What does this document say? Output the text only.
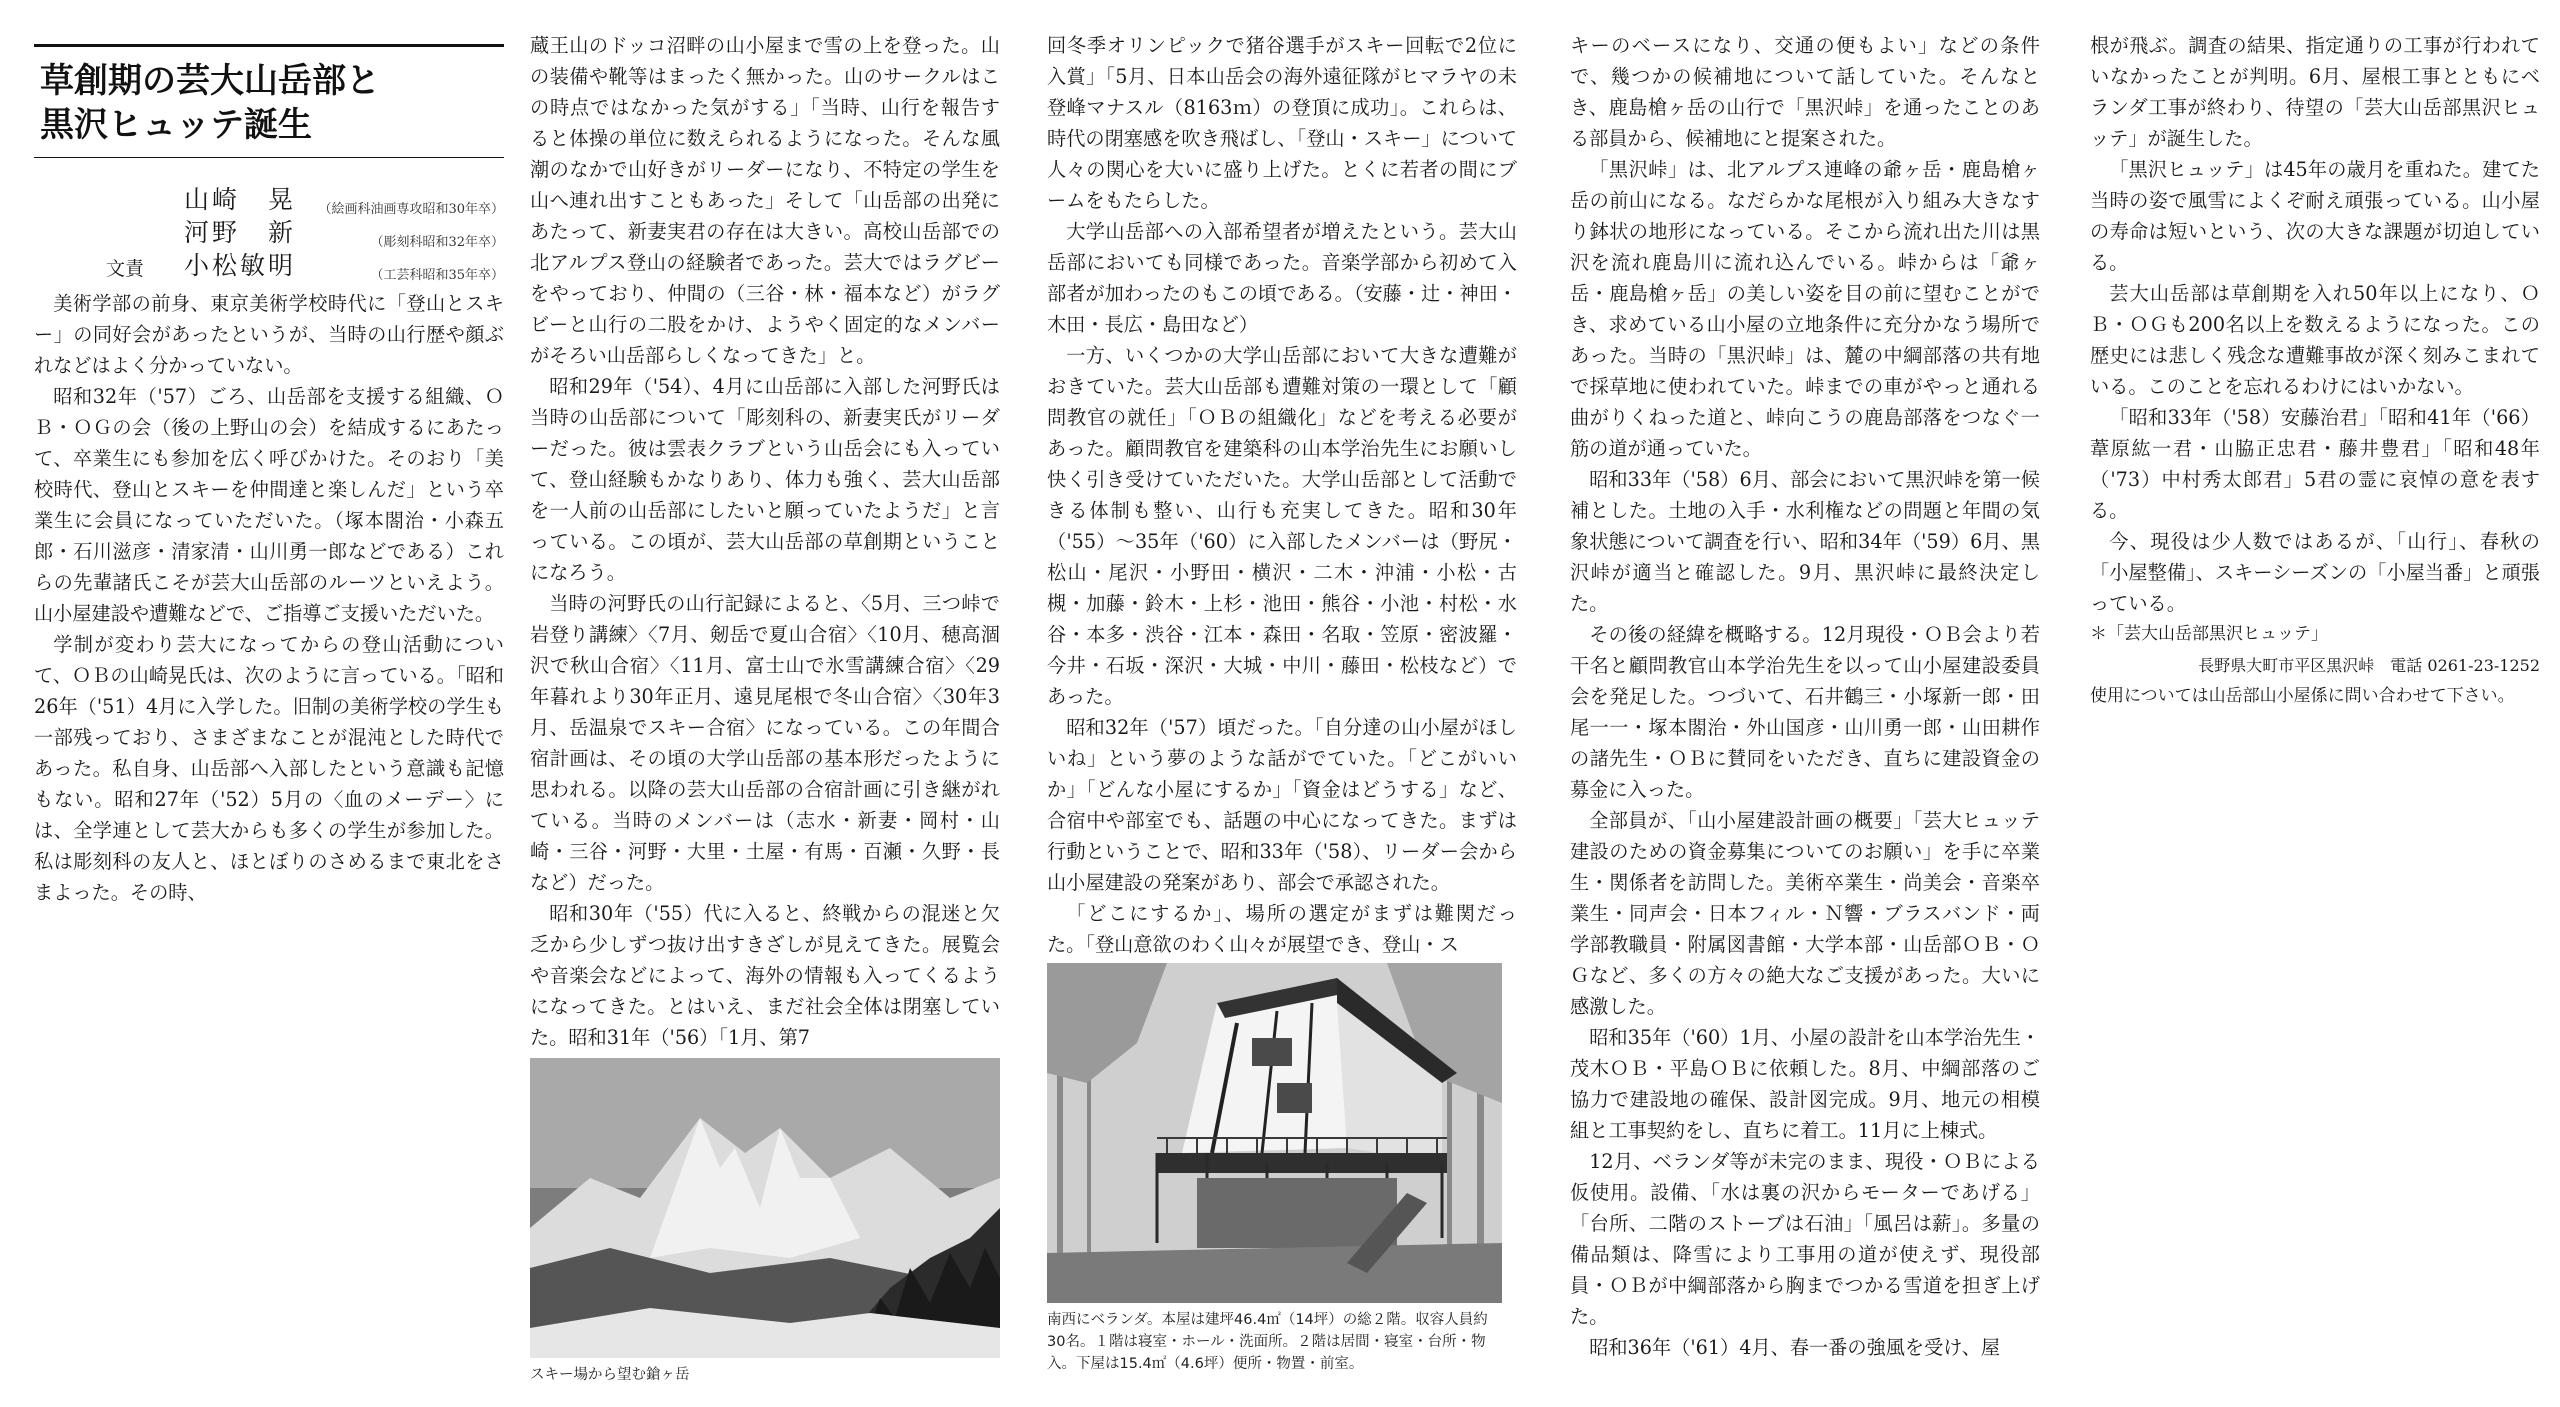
草創期の芸大山岳部と
黒沢ヒュッテ誕生
山崎　晃 （絵画科油画専攻昭和30年卒）
河野　新	（彫刻科昭和32年卒）
文責 小松敏明	（工芸科昭和35年卒）

美術学部の前身、東京美術学校時代に「登山とスキー」の同好会があったというが、当時の山行歴や顔ぶれなどはよく分かっていない。

昭和32年（'57）ごろ、山岳部を支援する組織、ＯＢ・ＯＧの会（後の上野山の会）を結成するにあたって、卒業生にも参加を広く呼びかけた。そのおり「美校時代、登山とスキーを仲間達と楽しんだ」という卒業生に会員になっていただいた。（塚本閤治・小森五郎・石川滋彦・清家清・山川勇一郎などである）これらの先輩諸氏こそが芸大山岳部のルーツといえよう。山小屋建設や遭難などで、ご指導ご支援いただいた。

学制が変わり芸大になってからの登山活動について、ＯＢの山崎晃氏は、次のように言っている。「昭和26年（'51）4月に入学した。旧制の美術学校の学生も一部残っており、さまざまなことが混沌とした時代であった。私自身、山岳部へ入部したという意識も記憶もない。昭和27年（'52）5月の〈血のメーデー〉には、全学連として芸大からも多くの学生が参加した。私は彫刻科の友人と、ほとぼりのさめるまで東北をさまよった。その時、

蔵王山のドッコ沼畔の山小屋まで雪の上を登った。山の装備や靴等はまったく無かった。山のサークルはこの時点ではなかった気がする」「当時、山行を報告すると体操の単位に数えられるようになった。そんな風潮のなかで山好きがリーダーになり、不特定の学生を山へ連れ出すこともあった」そして「山岳部の出発にあたって、新妻実君の存在は大きい。高校山岳部での北アルプス登山の経験者であった。芸大ではラグビーをやっており、仲間の（三谷・林・福本など）がラグビーと山行の二股をかけ、ようやく固定的なメンバーがそろい山岳部らしくなってきた」と。

昭和29年（'54）、4月に山岳部に入部した河野氏は当時の山岳部について「彫刻科の、新妻実氏がリーダーだった。彼は雲表クラブという山岳会にも入っていて、登山経験もかなりあり、体力も強く、芸大山岳部を一人前の山岳部にしたいと願っていたようだ」と言っている。この頃が、芸大山岳部の草創期ということになろう。

当時の河野氏の山行記録によると、〈5月、三つ峠で岩登り講練〉〈7月、剱岳で夏山合宿〉〈10月、穂高涸沢で秋山合宿〉〈11月、富士山で氷雪講練合宿〉〈29年暮れより30年正月、遠見尾根で冬山合宿〉〈30年3月、岳温泉でスキー合宿〉になっている。この年間合宿計画は、その頃の大学山岳部の基本形だったように思われる。以降の芸大山岳部の合宿計画に引き継がれている。当時のメンバーは（志水・新妻・岡村・山崎・三谷・河野・大里・土屋・有馬・百瀬・久野・長など）だった。

昭和30年（'55）代に入ると、終戦からの混迷と欠乏から少しずつ抜け出すきざしが見えてきた。展覧会や音楽会などによって、海外の情報も入ってくるようになってきた。とはいえ、まだ社会全体は閉塞していた。昭和31年（'56）「1月、第7

スキー場から望む鎗ヶ岳

回冬季オリンピックで猪谷選手がスキー回転で2位に入賞」「5月、日本山岳会の海外遠征隊がヒマラヤの未登峰マナスル（8163ｍ）の登頂に成功」。これらは、時代の閉塞感を吹き飛ばし、「登山・スキー」について人々の関心を大いに盛り上げた。とくに若者の間にブームをもたらした。

大学山岳部への入部希望者が増えたという。芸大山岳部においても同様であった。音楽学部から初めて入部者が加わったのもこの頃である。（安藤・辻・神田・木田・長広・島田など）

一方、いくつかの大学山岳部において大きな遭難がおきていた。芸大山岳部も遭難対策の一環として「顧問教官の就任」「ＯＢの組織化」などを考える必要があった。顧問教官を建築科の山本学治先生にお願いし快く引き受けていただいた。大学山岳部として活動できる体制も整い、山行も充実してきた。昭和30年（'55）～35年（'60）に入部したメンバーは（野尻・松山・尾沢・小野田・横沢・二木・沖浦・小松・古槻・加藤・鈴木・上杉・池田・熊谷・小池・村松・水谷・本多・渋谷・江本・森田・名取・笠原・密波羅・今井・石坂・深沢・大城・中川・藤田・松枝など）であった。

昭和32年（'57）頃だった。「自分達の山小屋がほしいね」という夢のような話がでていた。「どこがいいか」「どんな小屋にするか」「資金はどうする」など、合宿中や部室でも、話題の中心になってきた。まずは行動ということで、昭和33年（'58）、リーダー会から山小屋建設の発案があり、部会で承認された。

「どこにするか」、場所の選定がまずは難関だった。「登山意欲のわく山々が展望でき、登山・ス

南西にベランダ。本屋は建坪46.4㎡（14坪）の総２階。収容人員約30名。１階は寝室・ホール・洗面所。２階は居間・寝室・台所・物入。下屋は15.4㎡（4.6坪）便所・物置・前室。

キーのベースになり、交通の便もよい」などの条件で、幾つかの候補地について話していた。そんなとき、鹿島槍ヶ岳の山行で「黒沢峠」を通ったことのある部員から、候補地にと提案された。

「黒沢峠」は、北アルプス連峰の爺ヶ岳・鹿島槍ヶ岳の前山になる。なだらかな尾根が入り組み大きなすり鉢状の地形になっている。そこから流れ出た川は黒沢を流れ鹿島川に流れ込んでいる。峠からは「爺ヶ岳・鹿島槍ヶ岳」の美しい姿を目の前に望むことができ、求めている山小屋の立地条件に充分かなう場所であった。当時の「黒沢峠」は、麓の中綱部落の共有地で採草地に使われていた。峠までの車がやっと通れる曲がりくねった道と、峠向こうの鹿島部落をつなぐ一筋の道が通っていた。

昭和33年（'58）6月、部会において黒沢峠を第一候補とした。土地の入手・水利権などの問題と年間の気象状態について調査を行い、昭和34年（'59）6月、黒沢峠が適当と確認した。9月、黒沢峠に最終決定した。

その後の経緯を概略する。12月現役・ＯＢ会より若干名と顧問教官山本学治先生を以って山小屋建設委員会を発足した。つづいて、石井鶴三・小塚新一郎・田尾一一・塚本閤治・外山国彦・山川勇一郎・山田耕作の諸先生・ＯＢに賛同をいただき、直ちに建設資金の募金に入った。

全部員が、「山小屋建設計画の概要」「芸大ヒュッテ建設のための資金募集についてのお願い」を手に卒業生・関係者を訪問した。美術卒業生・尚美会・音楽卒業生・同声会・日本フィル・Ｎ響・ブラスバンド・両学部教職員・附属図書館・大学本部・山岳部ＯＢ・ＯＧなど、多くの方々の絶大なご支援があった。大いに感激した。

昭和35年（'60）1月、小屋の設計を山本学治先生・茂木ＯＢ・平島ＯＢに依頼した。8月、中綱部落のご協力で建設地の確保、設計図完成。9月、地元の相模組と工事契約をし、直ちに着工。11月に上棟式。

12月、ベランダ等が未完のまま、現役・ＯＢによる仮使用。設備、「水は裏の沢からモーターであげる」「台所、二階のストーブは石油」「風呂は薪」。多量の備品類は、降雪により工事用の道が使えず、現役部員・ＯＢが中綱部落から胸までつかる雪道を担ぎ上げた。

昭和36年（'61）4月、春一番の強風を受け、屋

根が飛ぶ。調査の結果、指定通りの工事が行われていなかったことが判明。6月、屋根工事とともにベランダ工事が終わり、待望の「芸大山岳部黒沢ヒュッテ」が誕生した。

「黒沢ヒュッテ」は45年の歳月を重ねた。建てた当時の姿で風雪によくぞ耐え頑張っている。山小屋の寿命は短いという、次の大きな課題が切迫している。

芸大山岳部は草創期を入れ50年以上になり、ＯＢ・ＯＧも200名以上を数えるようになった。この歴史には悲しく残念な遭難事故が深く刻みこまれている。このことを忘れるわけにはいかない。

「昭和33年（'58）安藤治君」「昭和41年（'66）葦原紘一君・山脇正忠君・藤井豊君」「昭和48年（'73）中村秀太郎君」5君の霊に哀悼の意を表する。

今、現役は少人数ではあるが、「山行」、春秋の「小屋整備」、スキーシーズンの「小屋当番」と頑張っている。

＊「芸大山岳部黒沢ヒュッテ」

長野県大町市平区黒沢峠　電話 0261-23-1252

使用については山岳部山小屋係に問い合わせて下さい。
